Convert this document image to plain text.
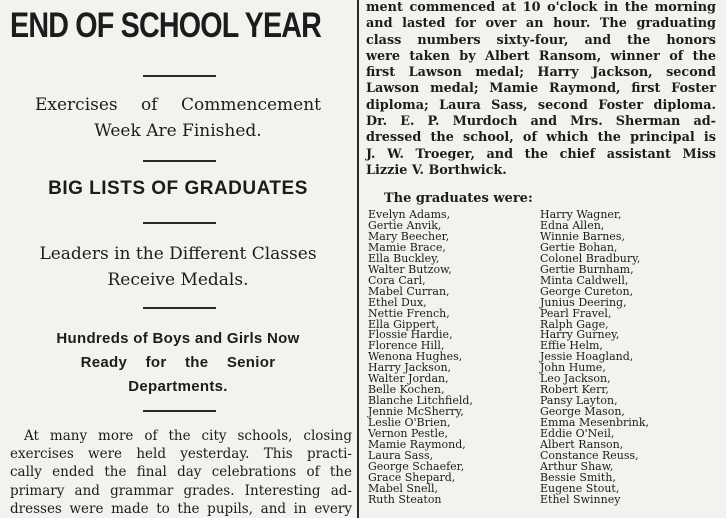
END OF SCHOOL YEAR
Exercises of Commencement
Week Are Finished.
BIG LISTS OF GRADUATES
Leaders in the Different Classes
Receive Medals.
Hundreds of Boys and Girls Now
Ready for the Senior
Departments.
At many more of the city schools, closing
exercises were held yesterday. This practi-
cally ended the final day celebrations of the
primary and grammar grades. Interesting ad-
dresses were made to the pupils, and in every
ment commenced at 10 o'clock in the morning
and lasted for over an hour. The graduating
class numbers sixty-four, and the honors
were taken by Albert Ransom, winner of the
first Lawson medal; Harry Jackson, second
Lawson medal; Mamie Raymond, first Foster
diploma; Laura Sass, second Foster diploma.
Dr. E. P. Murdoch and Mrs. Sherman ad-
dressed the school, of which the principal is
J. W. Troeger, and the chief assistant Miss
Lizzie V. Borthwick.
The graduates were:
Evelyn Adams,
Gertie Anvik,
Mary Beecher,
Mamie Brace,
Ella Buckley,
Walter Butzow,
Cora Carl,
Mabel Curran,
Ethel Dux,
Nettie French,
Ella Gippert,
Flossie Hardie,
Florence Hill,
Wenona Hughes,
Harry Jackson,
Walter Jordan,
Belle Kochen,
Blanche Litchfield,
Jennie McSherry,
Leslie O'Brien,
Vernon Pestle,
Mamie Raymond,
Laura Sass,
George Schaefer,
Grace Shepard,
Mabel Snell,
Ruth Steaton
Harry Wagner,
Edna Allen,
Winnie Barnes,
Gertie Bohan,
Colonel Bradbury,
Gertie Burnham,
Minta Caldwell,
George Cureton,
Junius Deering,
Pearl Fravel,
Ralph Gage,
Harry Gurney,
Effie Helm,
Jessie Hoagland,
John Hume,
Leo Jackson,
Robert Kerr,
Pansy Layton,
George Mason,
Emma Mesenbrink,
Eddie O'Neil,
Albert Ranson,
Constance Reuss,
Arthur Shaw,
Bessie Smith,
Eugene Stout,
Ethel Swinney
